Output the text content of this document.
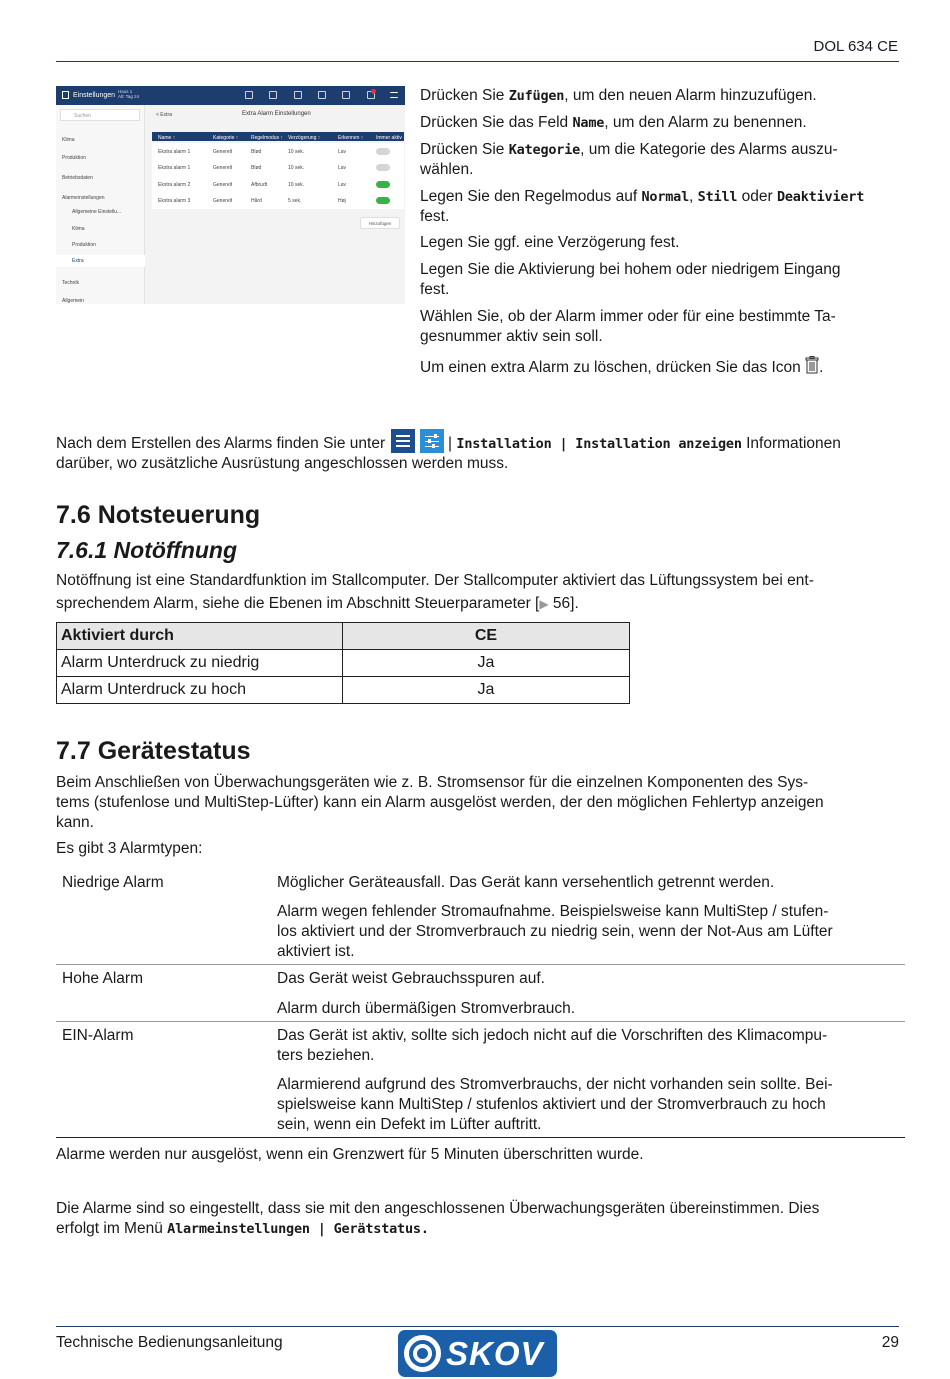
DOL 634 CE
Einstellungen
Haus 1
Alt: Tag 24
Suchen
Klima
Produktion
Betriebsdaten
Alarmeinstellungen
Allgemeine Einstellu...
Klima
Produktion
Extra
Technik
Allgemein
< Extra	Extra Alarm Einstellungen
Name ↑	Kategorie ↑	Regelmodus ↑ Verzögerung ↑	Erkennen ↑	Immer aktiv
Ekstra alarm 1	Generelt	Blød	10 sek.	Lav
Ekstra alarm 1	Generelt	Blød	10 sek.	Lav
Ekstra alarm 2	Generelt	Afbrudt	10 sek.	Lav
Ekstra alarm 3	Generelt	Hård	5 sek.	Høj
Hinzufügen
Drücken Sie Zufügen, um den neuen Alarm hinzuzufügen.
Drücken Sie das Feld Name, um den Alarm zu benennen.
Drücken Sie Kategorie, um die Kategorie des Alarms auszu-
wählen.
Legen Sie den Regelmodus auf Normal, Still oder Deaktiviert
fest.
Legen Sie ggf. eine Verzögerung fest.
Legen Sie die Aktivierung bei hohem oder niedrigem Eingang
fest.
Wählen Sie, ob der Alarm immer oder für eine bestimmte Ta-
gesnummer aktiv sein soll.
Um einen extra Alarm zu löschen, drücken Sie das Icon .
Nach dem Erstellen des Alarms finden Sie unter
	| Installation | Installation anzeigen Informationen
darüber, wo zusätzliche Ausrüstung angeschlossen werden muss.
7.6 Notsteuerung
7.6.1 Notöffnung
Notöffnung ist eine Standardfunktion im Stallcomputer. Der Stallcomputer aktiviert das Lüftungssystem bei ent-
sprechendem Alarm, siehe die Ebenen im Abschnitt Steuerparameter [▶ 56].
Aktiviert durch	CE
Alarm Unterdruck zu niedrig	Ja
Alarm Unterdruck zu hoch	Ja
7.7 Gerätestatus
Beim Anschließen von Überwachungsgeräten wie z. B. Stromsensor für die einzelnen Komponenten des Sys-
tems (stufenlose und MultiStep-Lüfter) kann ein Alarm ausgelöst werden, der den möglichen Fehlertyp anzeigen
kann.
Es gibt 3 Alarmtypen:
Niedrige Alarm	Möglicher Geräteausfall. Das Gerät kann versehentlich getrennt werden.
Alarm wegen fehlender Stromaufnahme. Beispielsweise kann MultiStep / stufen-
los aktiviert und der Stromverbrauch zu niedrig sein, wenn der Not-Aus am Lüfter
aktiviert ist.
Hohe Alarm	Das Gerät weist Gebrauchsspuren auf.
Alarm durch übermäßigen Stromverbrauch.
EIN-Alarm	Das Gerät ist aktiv, sollte sich jedoch nicht auf die Vorschriften des Klimacompu-
ters beziehen.
Alarmierend aufgrund des Stromverbrauchs, der nicht vorhanden sein sollte. Bei-
spielsweise kann MultiStep / stufenlos aktiviert und der Stromverbrauch zu hoch
sein, wenn ein Defekt im Lüfter auftritt.
Alarme werden nur ausgelöst, wenn ein Grenzwert für 5 Minuten überschritten wurde.
Die Alarme sind so eingestellt, dass sie mit den angeschlossenen Überwachungsgeräten übereinstimmen. Dies
erfolgt im Menü Alarmeinstellungen | Gerätstatus.
Technische Bedienungsanleitung	SKOV	29
